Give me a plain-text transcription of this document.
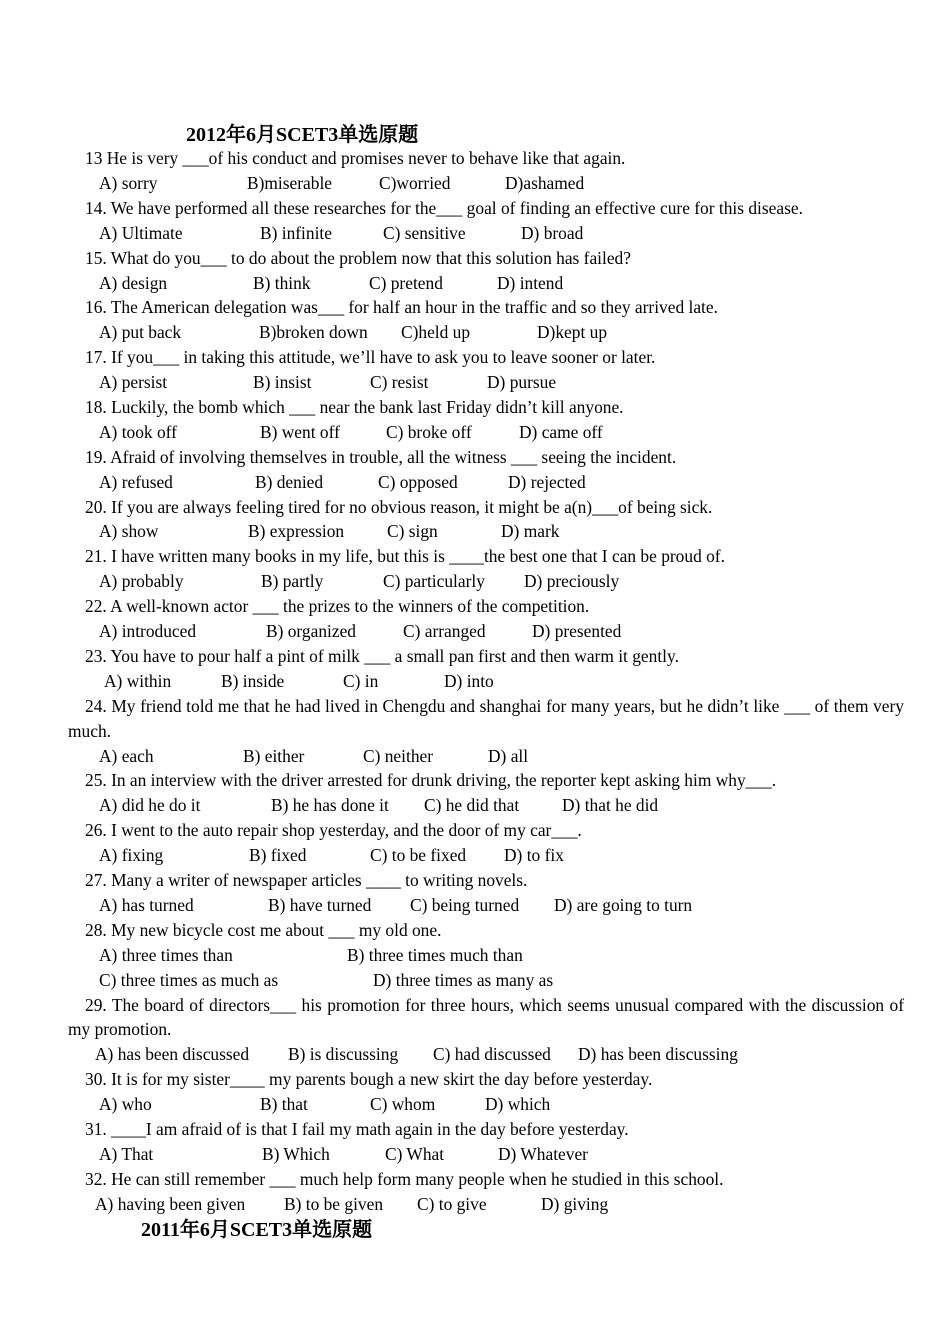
2012年6月SCET3单选原题
13 He is very ___of his conduct and promises never to behave like that again.
A) sorry	B)miserable	C)worried	D)ashamed
14. We have performed all these researches for the___ goal of finding an effective cure for this disease.
A) Ultimate	B) infinite	C) sensitive	D) broad
15. What do you___ to do about the problem now that this solution has failed?
A) design	B) think	C) pretend	D) intend
16. The American delegation was___ for half an hour in the traffic and so they arrived late.
A) put back	B)broken down	C)held up	D)kept up
17. If you___ in taking this attitude, we’ll have to ask you to leave sooner or later.
A) persist	B) insist	C) resist	D) pursue
18. Luckily, the bomb which ___ near the bank last Friday didn’t kill anyone.
A) took off	B) went off	C) broke off	D) came off
19. Afraid of involving themselves in trouble, all the witness ___ seeing the incident.
A) refused	B) denied	C) opposed	D) rejected
20. If you are always feeling tired for no obvious reason, it might be a(n)___of being sick.
A) show	B) expression	C) sign	D) mark
21. I have written many books in my life, but this is ____the best one that I can be proud of.
A) probably	B) partly	C) particularly	D) preciously
22. A well-known actor ___ the prizes to the winners of the competition.
A) introduced	B) organized	C) arranged	D) presented
23. You have to pour half a pint of milk ___ a small pan first and then warm it gently.
A) within	B) inside	C) in	D) into
24. My friend told me that he had lived in Chengdu and shanghai for many years, but he didn’t like ___ of them very much.
A) each	B) either	C) neither	D) all
25. In an interview with the driver arrested for drunk driving, the reporter kept asking him why___.
A) did he do it	B) he has done it	C) he did that	D) that he did
26. I went to the auto repair shop yesterday, and the door of my car___.
A) fixing	B) fixed	C) to be fixed	D) to fix
27. Many a writer of newspaper articles ____ to writing novels.
A) has turned	B) have turned	C) being turned	D) are going to turn
28. My new bicycle cost me about ___ my old one.
A) three times than	B) three times much than
C) three times as much as	D) three times as many as
29. The board of directors___ his promotion for three hours, which seems unusual compared with the discussion of my promotion.
A) has been discussed	B) is discussing	C) had discussed	D) has been discussing
30. It is for my sister____ my parents bough a new skirt the day before yesterday.
A) who	B) that	C) whom	D) which
31. ____I am afraid of is that I fail my math again in the day before yesterday.
A) That	B) Which	C) What	D) Whatever
32. He can still remember ___ much help form many people when he studied in this school.
A) having been given	B) to be given	C) to give	D) giving
2011年6月SCET3单选原题
